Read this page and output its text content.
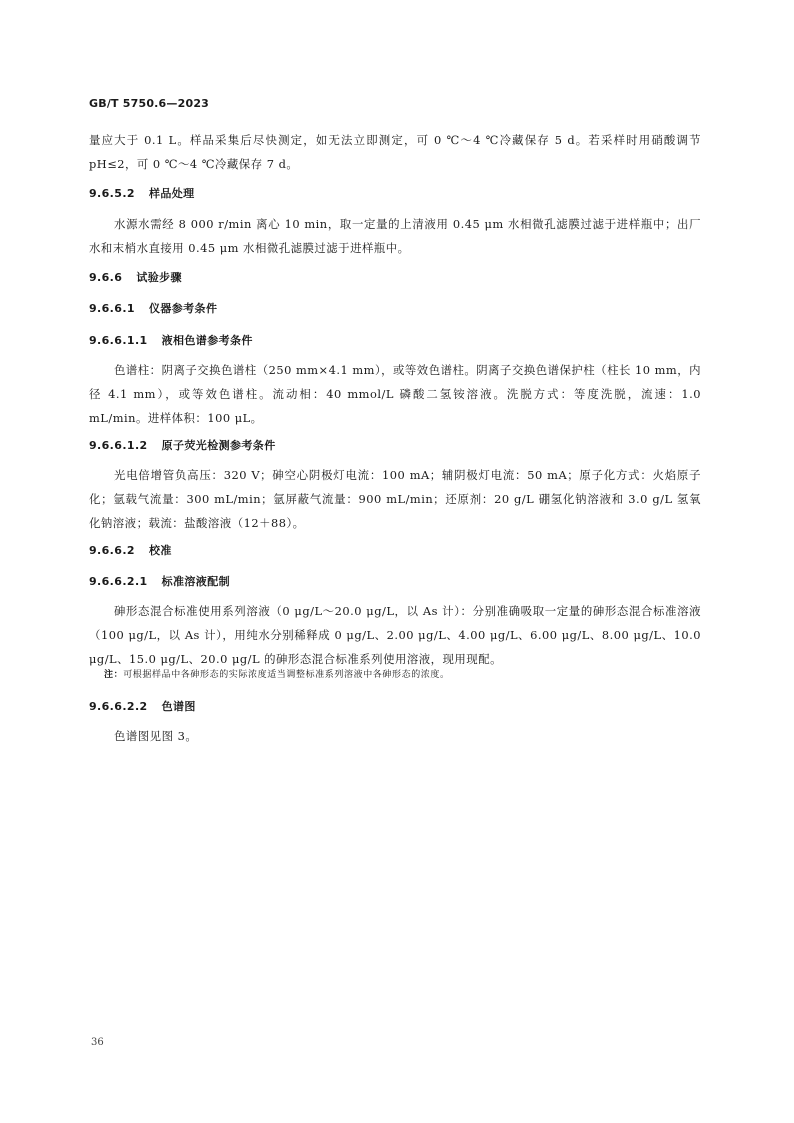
GB/T 5750.6—2023

量应大于 0.1 L。样品采集后尽快测定，如无法立即测定，可 0 ℃～4 ℃冷藏保存 5 d。若采样时用硝酸调节 pH≤2，可 0 ℃～4 ℃冷藏保存 7 d。

9.6.5.2 样品处理

水源水需经 8 000 r/min 离心 10 min，取一定量的上清液用 0.45 μm 水相微孔滤膜过滤于进样瓶中；出厂水和末梢水直接用 0.45 μm 水相微孔滤膜过滤于进样瓶中。

9.6.6 试验步骤
9.6.6.1 仪器参考条件
9.6.6.1.1 液相色谱参考条件

色谱柱：阴离子交换色谱柱（250 mm×4.1 mm），或等效色谱柱。阴离子交换色谱保护柱（柱长 10 mm，内径 4.1 mm），或等效色谱柱。流动相：40 mmol/L 磷酸二氢铵溶液。洗脱方式：等度洗脱，流速：1.0 mL/min。进样体积：100 μL。

9.6.6.1.2 原子荧光检测参考条件

光电倍增管负高压：320 V；砷空心阴极灯电流：100 mA；辅阴极灯电流：50 mA；原子化方式：火焰原子化；氩载气流量：300 mL/min；氩屏蔽气流量：900 mL/min；还原剂：20 g/L 硼氢化钠溶液和 3.0 g/L 氢氧化钠溶液；载流：盐酸溶液（12＋88）。

9.6.6.2 校准
9.6.6.2.1 标准溶液配制

砷形态混合标准使用系列溶液（0 μg/L～20.0 μg/L，以 As 计）：分别准确吸取一定量的砷形态混合标准溶液（100 μg/L，以 As 计），用纯水分别稀释成 0 μg/L、2.00 μg/L、4.00 μg/L、6.00 μg/L、8.00 μg/L、10.0 μg/L、15.0 μg/L、20.0 μg/L 的砷形态混合标准系列使用溶液，现用现配。

注：可根据样品中各砷形态的实际浓度适当调整标准系列溶液中各砷形态的浓度。
9.6.6.2.2 色谱图

色谱图见图 3。

36
